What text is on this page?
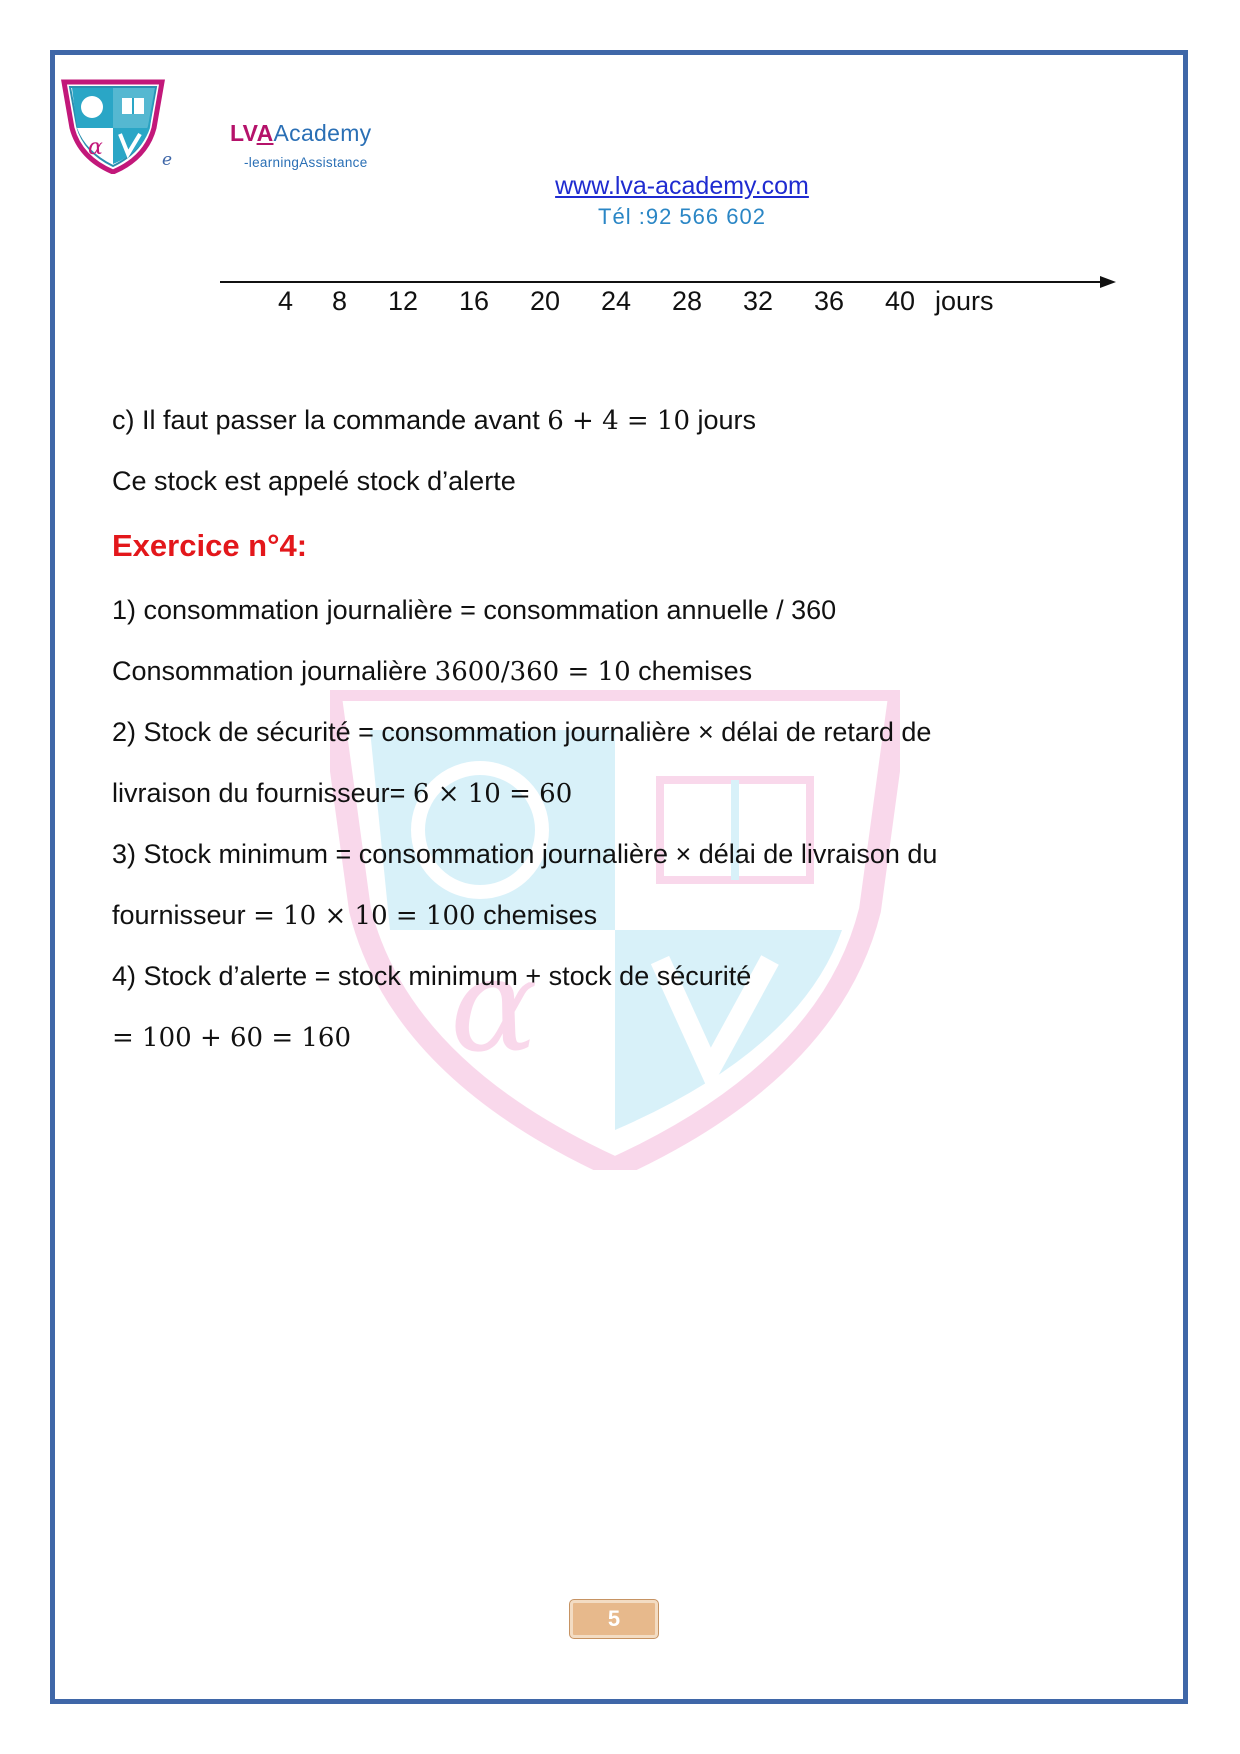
α	e
LVAAcademy
-learningAssistance
www.lva-academy.com
Tél :92 566 602
4 8 12 16 20 24 28 32 36 40 jours
α
c) Il faut passer la commande avant 6 + 4 = 10 jours
Ce stock est appelé stock d’alerte
Exercice n°4:
1) consommation journalière = consommation annuelle / 360
Consommation journalière 3600/360 = 10 chemises
2) Stock de sécurité = consommation journalière × délai de retard de
livraison du fournisseur= 6 × 10 = 60
3) Stock minimum = consommation journalière × délai de livraison du
fournisseur = 10 × 10 = 100 chemises
4) Stock d’alerte = stock minimum + stock de sécurité
= 100 + 60 = 160
5
